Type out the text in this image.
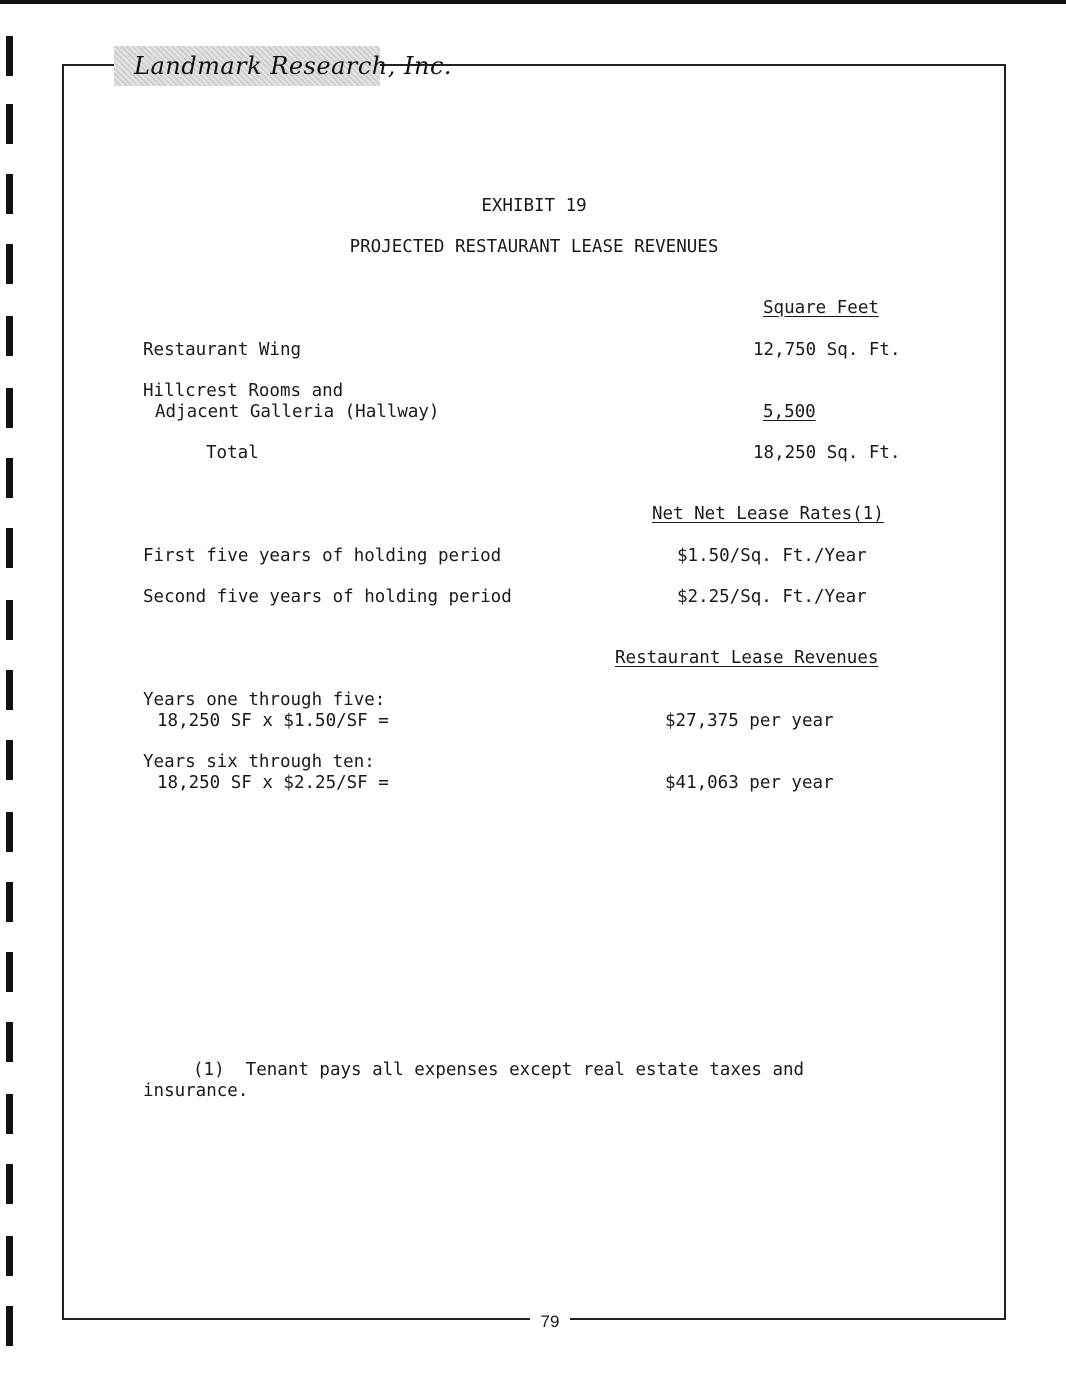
Landmark Research, Inc.
EXHIBIT 19
PROJECTED RESTAURANT LEASE REVENUES
Square Feet
Restaurant Wing	12,750 Sq. Ft.
Hillcrest Rooms and
Adjacent Galleria (Hallway)	5,500
Total	18,250 Sq. Ft.
Net Net Lease Rates(1)
First five years of holding period	$1.50/Sq. Ft./Year
Second five years of holding period	$2.25/Sq. Ft./Year
Restaurant Lease Revenues
Years one through five:
18,250 SF x $1.50/SF =	$27,375 per year
Years six through ten:
18,250 SF x $2.25/SF =	$41,063 per year
(1)  Tenant pays all expenses except real estate taxes and
insurance.
79
